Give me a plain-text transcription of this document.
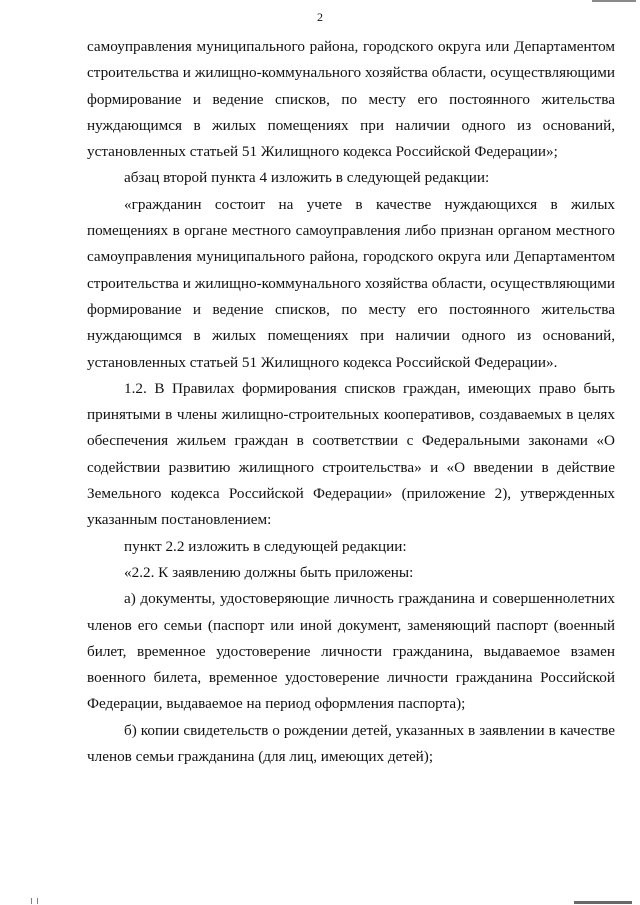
2

самоуправления муниципального района, городского округа или Департаментом строительства и жилищно-коммунального хозяйства области, осуществляющими формирование и ведение списков, по месту его постоянного жительства нуждающимся в жилых помещениях при наличии одного из оснований, установленных статьей 51 Жилищного кодекса Российской Федерации»;

абзац второй пункта 4 изложить в следующей редакции:

«гражданин состоит на учете в качестве нуждающихся в жилых помещениях в органе местного самоуправления либо признан органом местного самоуправления муниципального района, городского округа или Департаментом строительства и жилищно-коммунального хозяйства области, осуществляющими формирование и ведение списков, по месту его постоянного жительства нуждающимся в жилых помещениях при наличии одного из оснований, установленных статьей 51 Жилищного кодекса Российской Федерации».

1.2. В Правилах формирования списков граждан, имеющих право быть принятыми в члены жилищно-строительных кооперативов, создаваемых в целях обеспечения жильем граждан в соответствии с Федеральными законами «О содействии развитию жилищного строительства» и «О введении в действие Земельного кодекса Российской Федерации» (приложение 2), утвержденных указанным постановлением:

пункт 2.2 изложить в следующей редакции:

«2.2. К заявлению должны быть приложены:

а) документы, удостоверяющие личность гражданина и совершеннолетних членов его семьи (паспорт или иной документ, заменяющий паспорт (военный билет, временное удостоверение личности гражданина, выдаваемое взамен военного билета, временное удостоверение личности гражданина Российской Федерации, выдаваемое на период оформления паспорта);

б) копии свидетельств о рождении детей, указанных в заявлении в качестве членов семьи гражданина (для лиц, имеющих детей);
